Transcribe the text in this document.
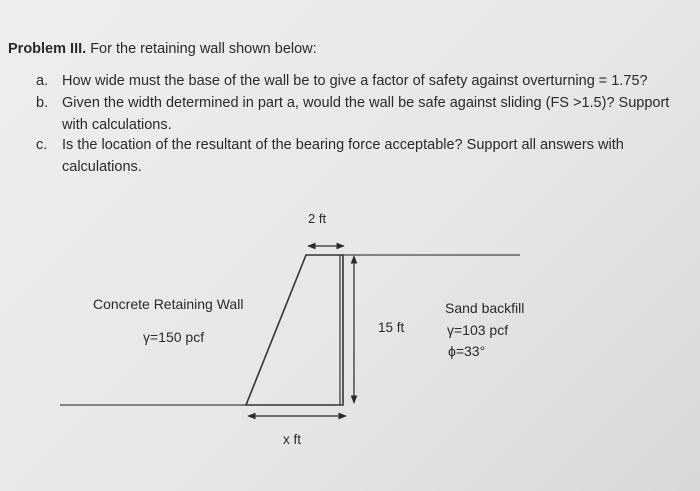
Problem III. For the retaining wall shown below:
a. How wide must the base of the wall be to give a factor of safety against overturning = 1.75?
b. Given the width determined in part a, would the wall be safe against sliding (FS >1.5)? Support
with calculations.
c. Is the location of the resultant of the bearing force acceptable? Support all answers with
calculations.
2 ft
15 ft
x ft
Concrete Retaining Wall
γ=150 pcf
Sand backfill
γ=103 pcf
ϕ=33°
